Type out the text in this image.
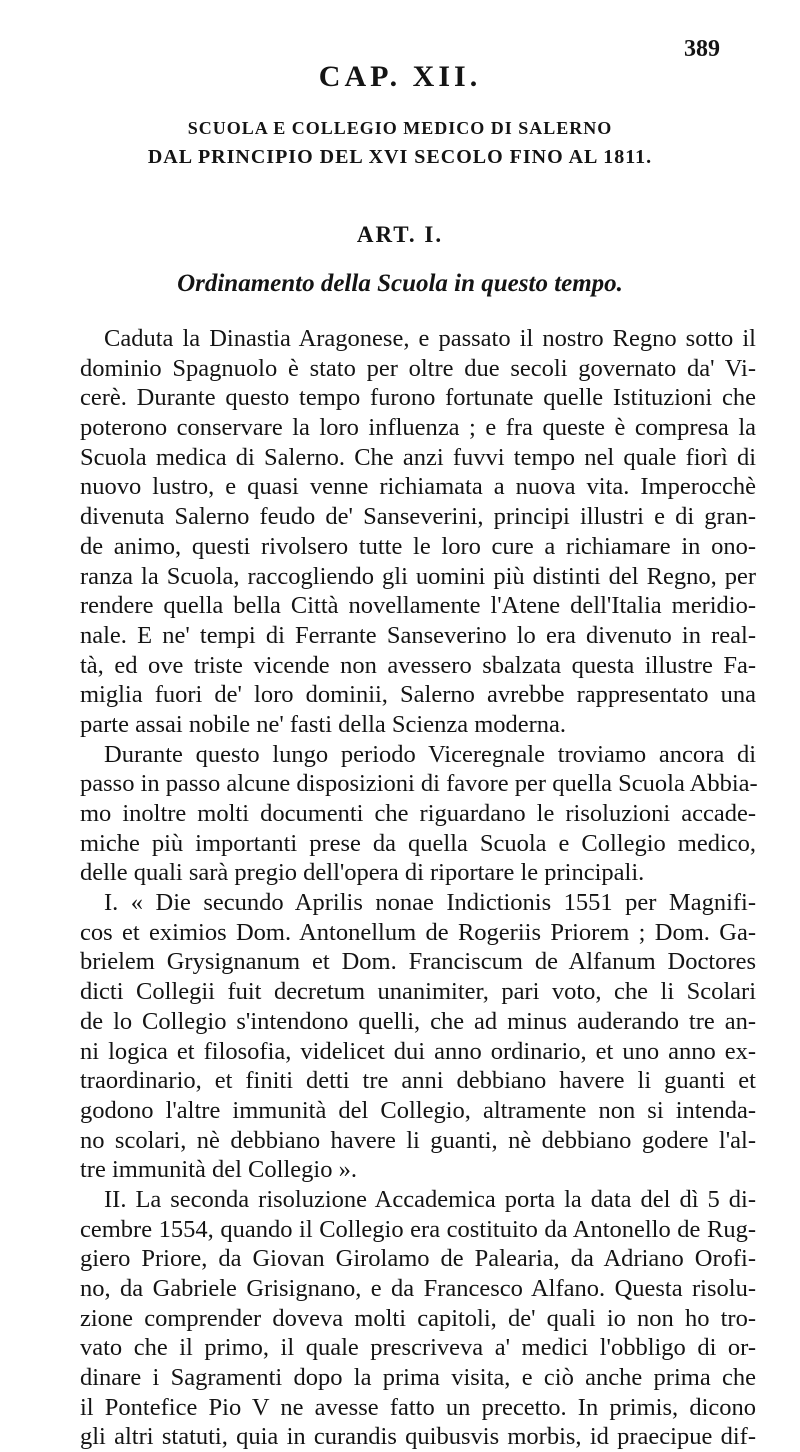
389
CAP. XII.
SCUOLA E COLLEGIO MEDICO DI SALERNO
DAL PRINCIPIO DEL XVI SECOLO FINO AL 1811.
ART. I.
Ordinamento della Scuola in questo tempo.
Caduta la Dinastia Aragonese, e passato il nostro Regno sotto il
dominio Spagnuolo è stato per oltre due secoli governato da' Vi-
cerè. Durante questo tempo furono fortunate quelle Istituzioni che
poterono conservare la loro influenza ; e fra queste è compresa la
Scuola medica di Salerno. Che anzi fuvvi tempo nel quale fiorì di
nuovo lustro, e quasi venne richiamata a nuova vita. Imperocchè
divenuta Salerno feudo de' Sanseverini, principi illustri e di gran-
de animo, questi rivolsero tutte le loro cure a richiamare in ono-
ranza la Scuola, raccogliendo gli uomini più distinti del Regno, per
rendere quella bella Città novellamente l'Atene dell'Italia meridio-
nale. E ne' tempi di Ferrante Sanseverino lo era divenuto in real-
tà, ed ove triste vicende non avessero sbalzata questa illustre Fa-
miglia fuori de' loro dominii, Salerno avrebbe rappresentato una
parte assai nobile ne' fasti della Scienza moderna.
Durante questo lungo periodo Viceregnale troviamo ancora di
passo in passo alcune disposizioni di favore per quella Scuola Abbia-
mo inoltre molti documenti che riguardano le risoluzioni accade-
miche più importanti prese da quella Scuola e Collegio medico,
delle quali sarà pregio dell'opera di riportare le principali.
I. « Die secundo Aprilis nonae Indictionis 1551 per Magnifi-
cos et eximios Dom. Antonellum de Rogeriis Priorem ; Dom. Ga-
brielem Grysignanum et Dom. Franciscum de Alfanum Doctores
dicti Collegii fuit decretum unanimiter, pari voto, che li Scolari
de lo Collegio s'intendono quelli, che ad minus auderando tre an-
ni logica et filosofia, videlicet dui anno ordinario, et uno anno ex-
traordinario, et finiti detti tre anni debbiano havere li guanti et
godono l'altre immunità del Collegio, altramente non si intenda-
no scolari, nè debbiano havere li guanti, nè debbiano godere l'al-
tre immunità del Collegio ».
II. La seconda risoluzione Accademica porta la data del dì 5 di-
cembre 1554, quando il Collegio era costituito da Antonello de Rug-
giero Priore, da Giovan Girolamo de Palearia, da Adriano Orofi-
no, da Gabriele Grisignano, e da Francesco Alfano. Questa risolu-
zione comprender doveva molti capitoli, de' quali io non ho tro-
vato che il primo, il quale prescriveva a' medici l'obbligo di or-
dinare i Sagramenti dopo la prima visita, e ciò anche prima che
il Pontefice Pio V ne avesse fatto un precetto. In primis, dicono
gli altri statuti, quia in curandis quibusvis morbis, id praecipue dif-
